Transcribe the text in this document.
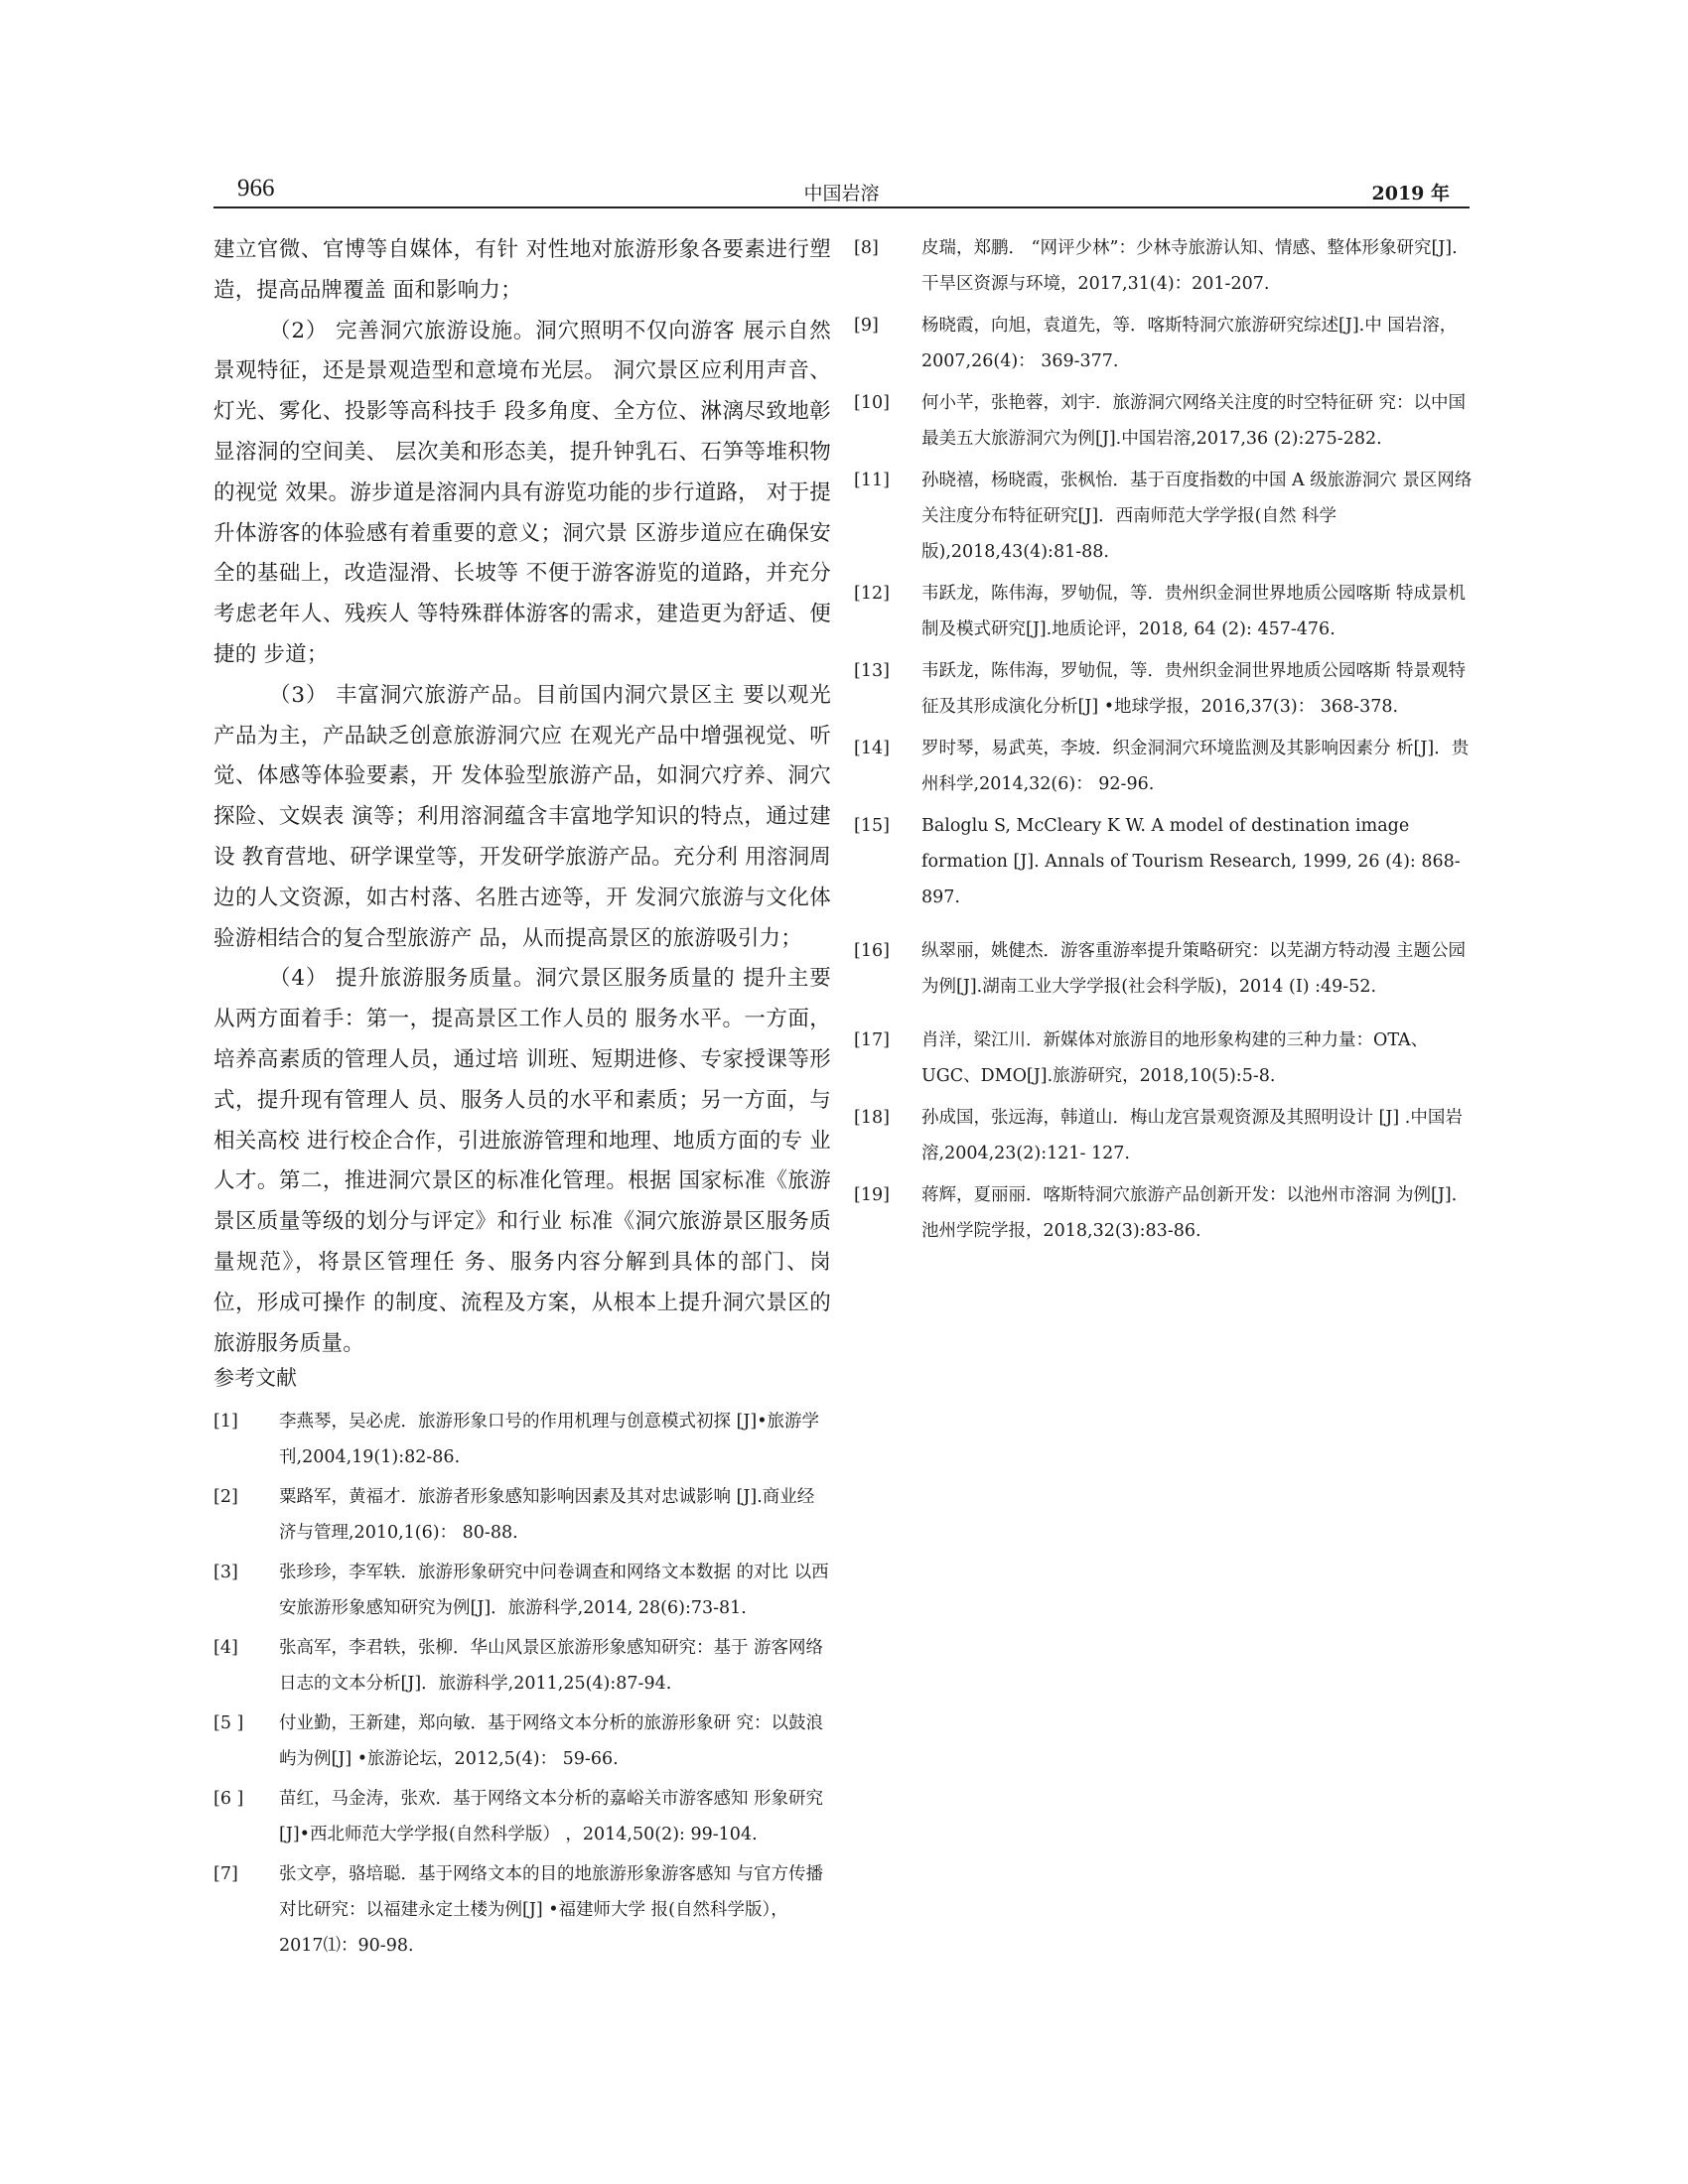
966	中国岩溶	2019 年

建立官微、官博等自媒体，有针 对性地对旅游形象各要素进行塑造，提高品牌覆盖 面和影响力；

（2） 完善洞穴旅游设施。洞穴照明不仅向游客 展示自然景观特征，还是景观造型和意境布光层。 洞穴景区应利用声音、灯光、雾化、投影等高科技手 段多角度、全方位、淋漓尽致地彰显溶洞的空间美、 层次美和形态美，提升钟乳石、石笋等堆积物的视觉 效果。游步道是溶洞内具有游览功能的步行道路， 对于提升体游客的体验感有着重要的意义；洞穴景 区游步道应在确保安全的基础上，改造湿滑、长坡等 不便于游客游览的道路，并充分考虑老年人、残疾人 等特殊群体游客的需求，建造更为舒适、便捷的 步道；

（3） 丰富洞穴旅游产品。目前国内洞穴景区主 要以观光产品为主，产品缺乏创意旅游洞穴应 在观光产品中增强视觉、听觉、体感等体验要素，开 发体验型旅游产品，如洞穴疗养、洞穴探险、文娱表 演等；利用溶洞蕴含丰富地学知识的特点，通过建设 教育营地、研学课堂等，开发研学旅游产品。充分利 用溶洞周边的人文资源，如古村落、名胜古迹等，开 发洞穴旅游与文化体验游相结合的复合型旅游产 品，从而提高景区的旅游吸引力；

（4） 提升旅游服务质量。洞穴景区服务质量的 提升主要从两方面着手：第一，提高景区工作人员的 服务水平。一方面，培养高素质的管理人员，通过培 训班、短期进修、专家授课等形式，提升现有管理人 员、服务人员的水平和素质；另一方面，与相关高校 进行校企合作，引进旅游管理和地理、地质方面的专 业人才。第二，推进洞穴景区的标准化管理。根据 国家标准《旅游景区质量等级的划分与评定》和行业 标准《洞穴旅游景区服务质量规范》，将景区管理任 务、服务内容分解到具体的部门、岗位，形成可操作 的制度、流程及方案，从根本上提升洞穴景区的旅游服务质量。

参考文献
[1] 李燕琴，吴必虎．旅游形象口号的作用机理与创意模式初探 [J]•旅游学刊,2004,19(1):82-86.
[2] 粟路军，黄福才．旅游者形象感知影响因素及其对忠诚影响 [J].商业经济与管理,2010,1(6)： 80-88.
[3] 张珍珍，李军轶．旅游形象研究中问卷调查和网络文本数据 的对比 以西安旅游形象感知研究为例[J]．旅游科学,2014, 28(6):73-81.
[4] 张高军，李君轶，张柳．华山风景区旅游形象感知研究：基于 游客网络日志的文本分析[J]．旅游科学,2011,25(4):87-94.
[5 ] 付业勤，王新建，郑向敏．基于网络文本分析的旅游形象研 究：以鼓浪屿为例[J] •旅游论坛，2012,5(4)： 59-66.
[6 ] 苗红，马金涛，张欢．基于网络文本分析的嘉峪关市游客感知 形象研究[J]•西北师范大学学报(自然科学版） ，2014,50(2): 99-104.
[7] 张文亭，骆培聪．基于网络文本的目的地旅游形象游客感知 与官方传播对比研究：以福建永定土楼为例[J] •福建师大学 报(自然科学版），2017⑴：90-98.
[8] 皮瑞，郑鹏． “网评少林”：少林寺旅游认知、情感、整体形象研究[J].干旱区资源与环境，2017,31(4)：201-207.
[9] 杨晓霞，向旭，袁道先，等．喀斯特洞穴旅游研究综述[J].中 国岩溶，2007,26(4)： 369-377.
[10] 何小芊，张艳蓉，刘宇．旅游洞穴网络关注度的时空特征研 究：以中国最美五大旅游洞穴为例[J].中国岩溶,2017,36 (2):275-282.
[11] 孙晓禧，杨晓霞，张枫怡．基于百度指数的中国 A 级旅游洞穴 景区网络关注度分布特征研究[J]．西南师范大学学报(自然 科学版),2018,43(4):81-88.
[12] 韦跃龙，陈伟海，罗劬侃，等．贵州织金洞世界地质公园喀斯 特成景机制及模式研究[J].地质论评，2018, 64 (2): 457-476.
[13] 韦跃龙，陈伟海，罗劬侃，等．贵州织金洞世界地质公园喀斯 特景观特征及其形成演化分析[J] •地球学报，2016,37(3)： 368-378.
[14] 罗时琴，易武英，李坡．织金洞洞穴环境监测及其影响因素分 析[J]．贵州科学,2014,32(6)： 92-96.
[15] Baloglu S, McCleary K W. A model of destination image formation [J]. Annals of Tourism Research, 1999, 26 (4): 868-897.
[16] 纵翠丽，姚健杰．游客重游率提升策略研究：以芜湖方特动漫 主题公园为例[J].湖南工业大学学报(社会科学版)，2014 (I) :49-52.
[17] 肖洋，梁江川．新媒体对旅游目的地形象构建的三种力量：OTA、UGC、DMO[J].旅游研究，2018,10(5):5-8.
[18] 孙成国，张远海，韩道山．梅山龙宫景观资源及其照明设计 [J] .中国岩溶,2004,23(2):121- 127.
[19] 蒋辉，夏丽丽．喀斯特洞穴旅游产品创新开发：以池州市溶洞 为例[J]．池州学院学报，2018,32(3):83-86.
